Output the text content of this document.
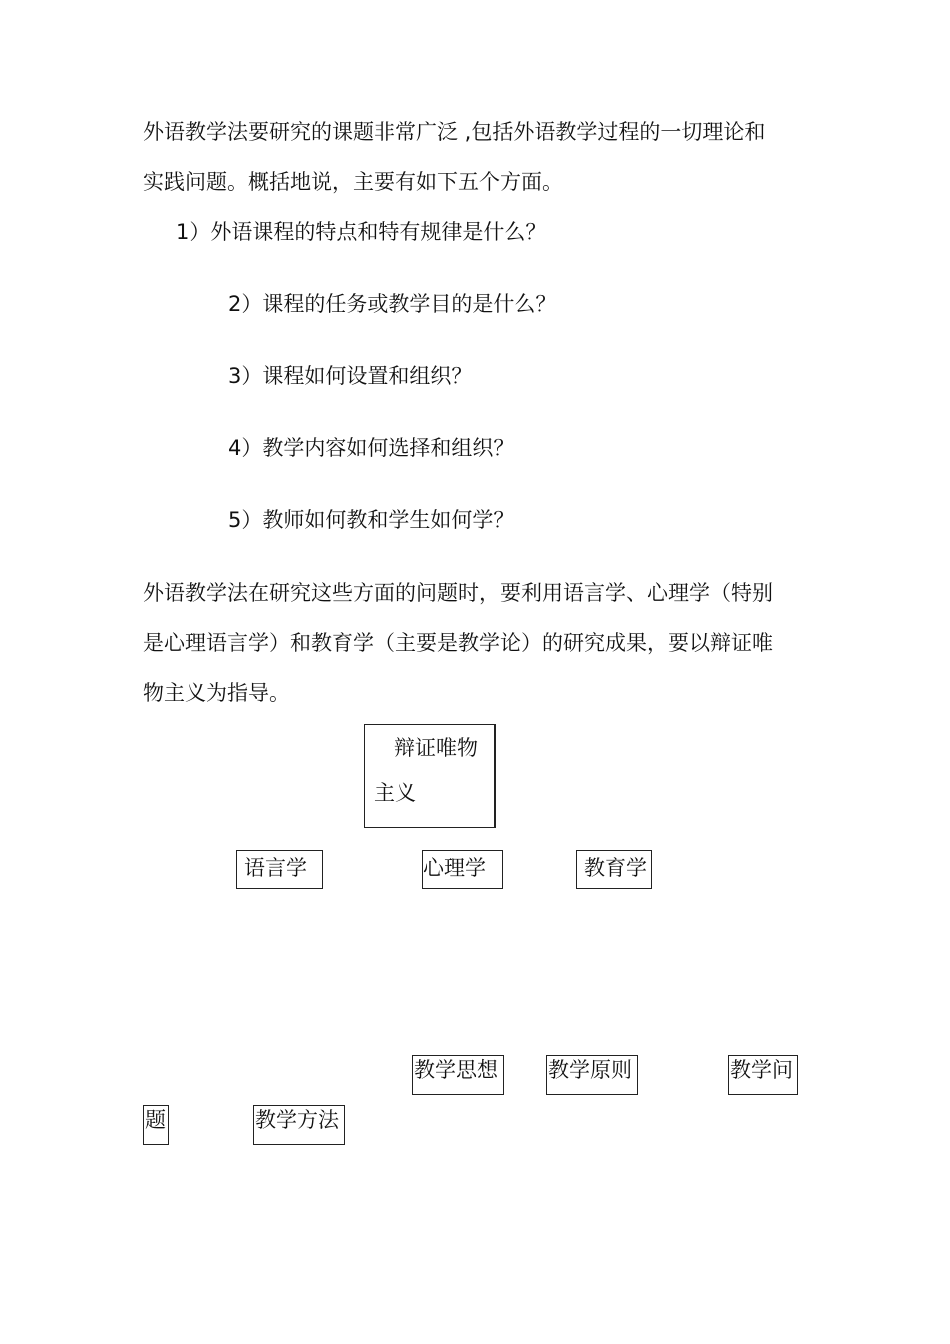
外语教学法要研究的课题非常广泛 ,包括外语教学过程的一切理论和
实践问题。概括地说，主要有如下五个方面。
1）外语课程的特点和特有规律是什么？
2）课程的任务或教学目的是什么？
3）课程如何设置和组织？
4）教学内容如何选择和组织？
5）教师如何教和学生如何学？
外语教学法在研究这些方面的问题时，要利用语言学、心理学（特别
是心理语言学）和教育学（主要是教学论）的研究成果，要以辩证唯
物主义为指导。
辩证唯物
主义
语言学	心理学	教育学
教学思想 教学原则	教学问
题	教学方法
